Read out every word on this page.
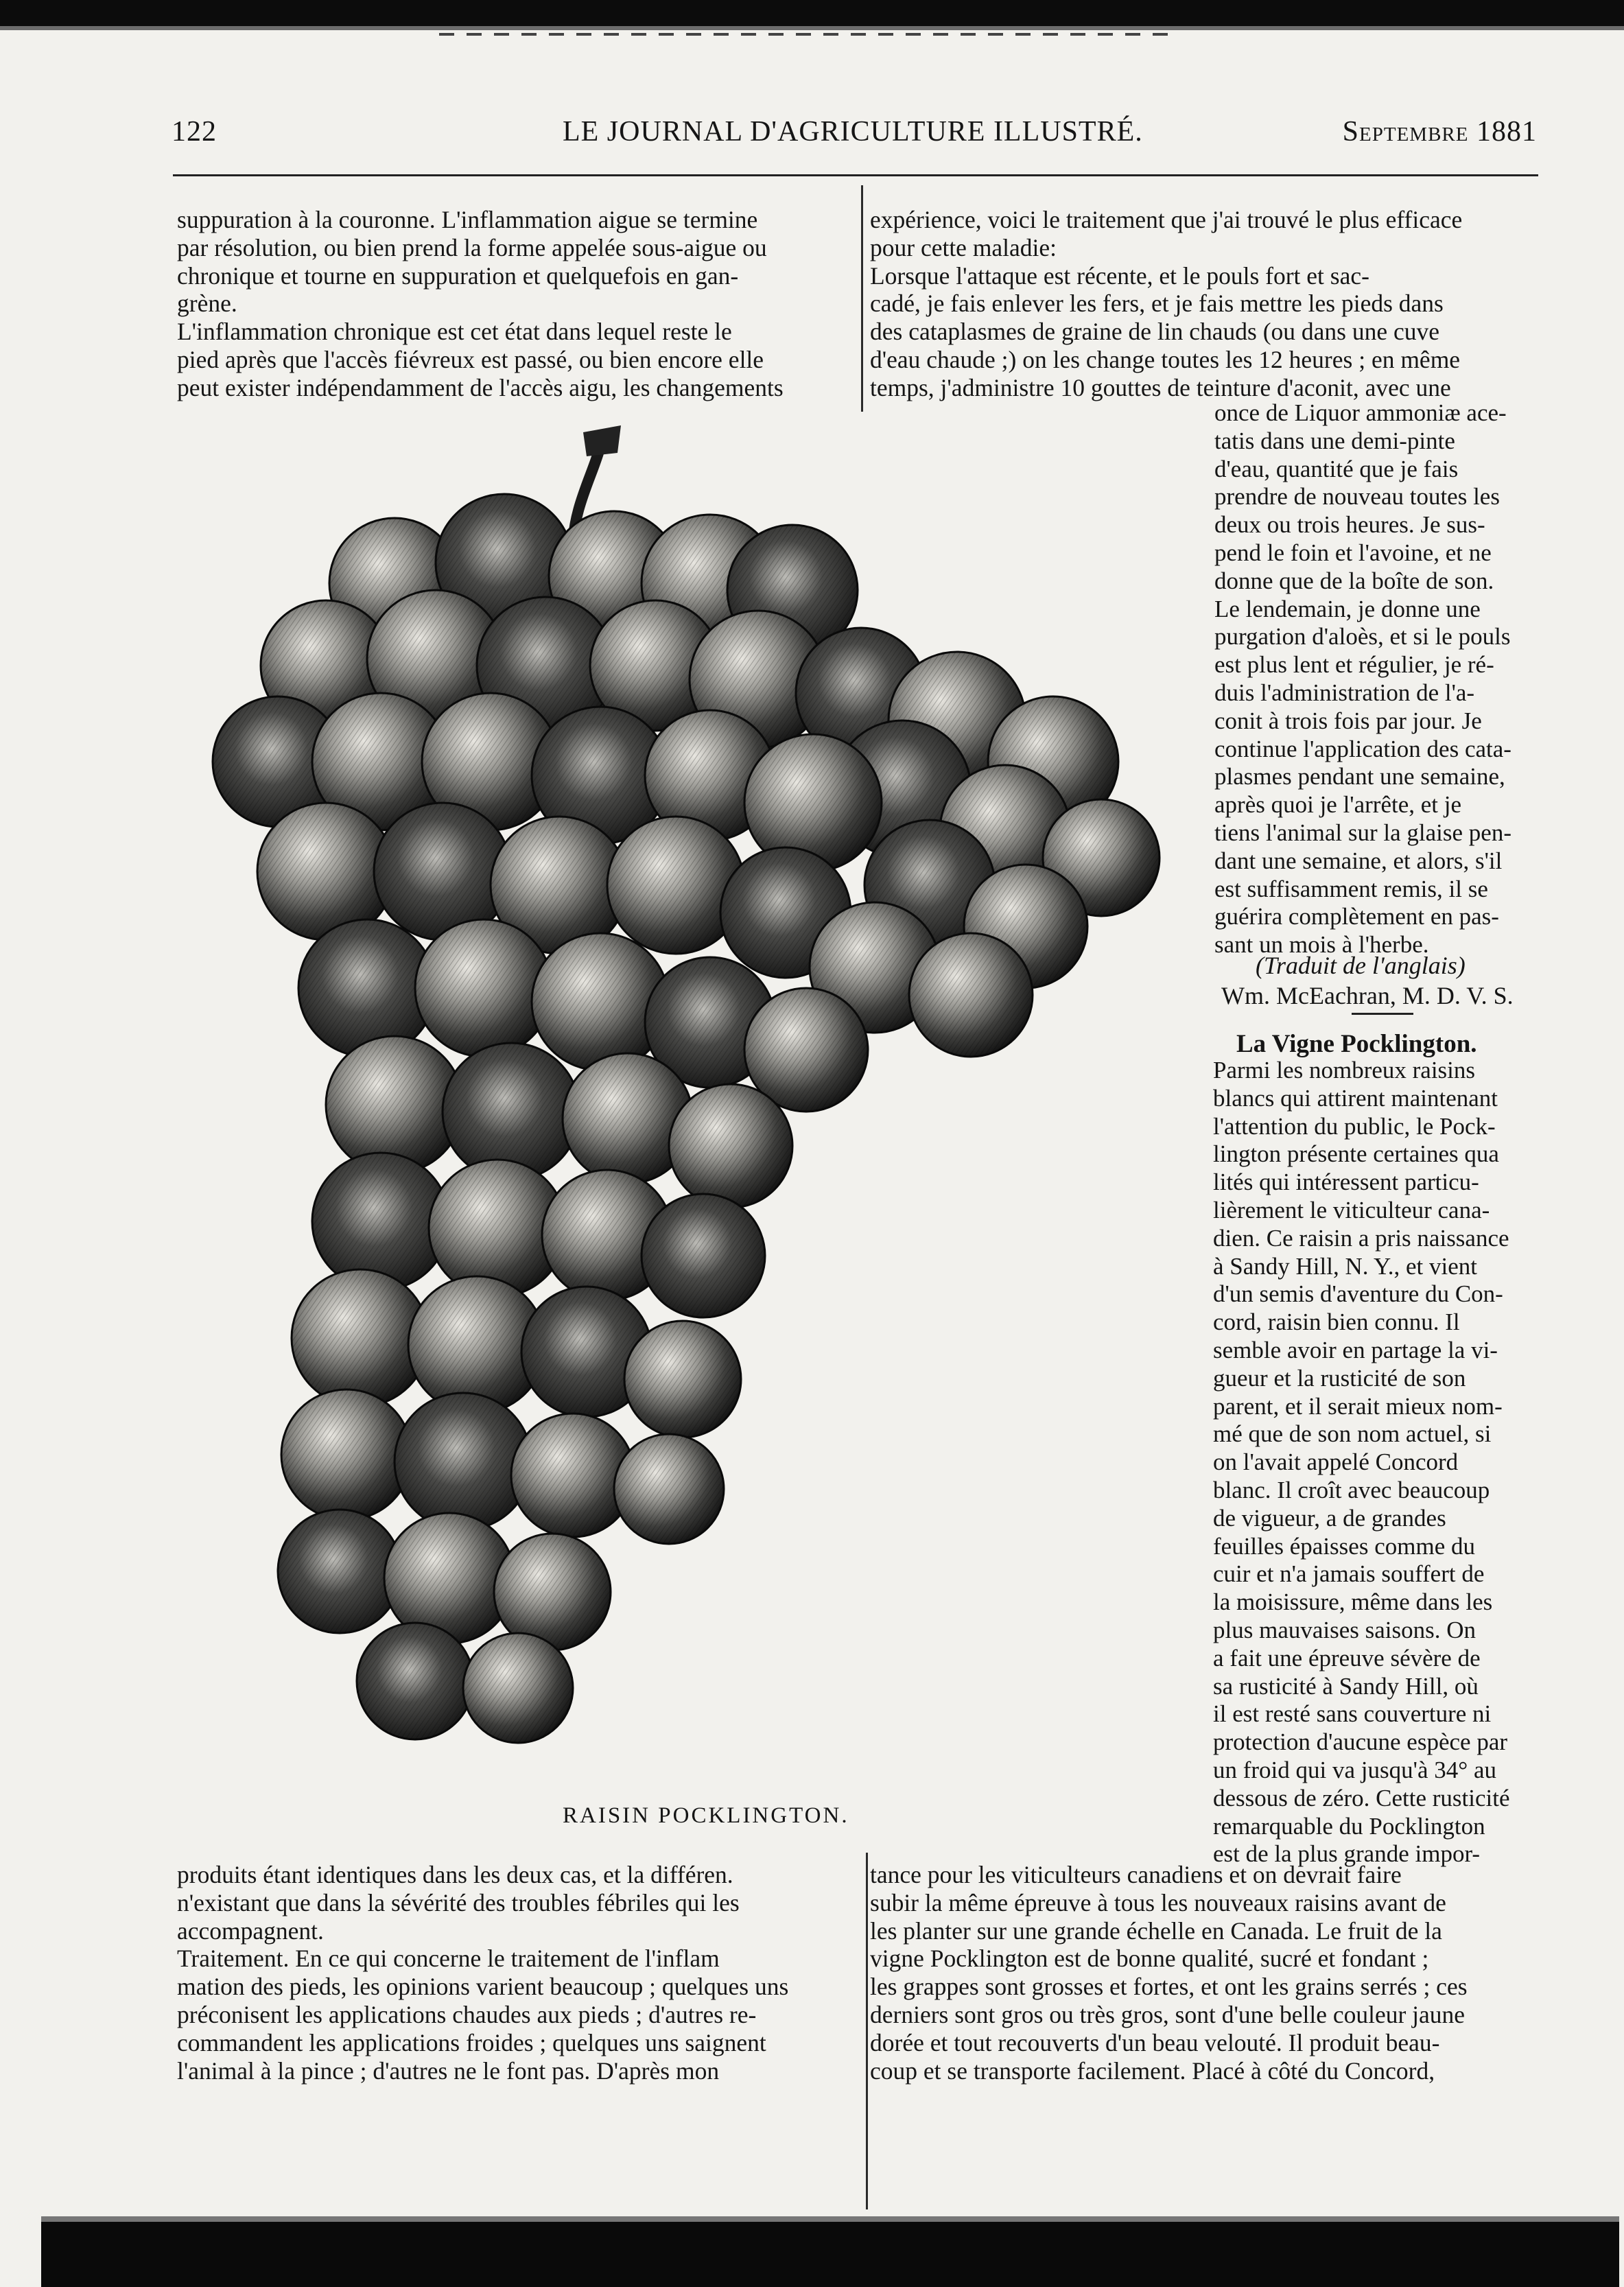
122	LE JOURNAL D'AGRICULTURE ILLUSTRÉ.	Septembre 1881

suppuration à la couronne. L'inflammation aigue se termine
par résolution, ou bien prend la forme appelée sous-aigue ou
chronique et tourne en suppuration et quelquefois en gan-
grène.
L'inflammation chronique est cet état dans lequel reste le
pied après que l'accès fiévreux est passé, ou bien encore elle
peut exister indépendamment de l'accès aigu, les changements

expérience, voici le traitement que j'ai trouvé le plus efficace
pour cette maladie:
Lorsque l'attaque est récente, et le pouls fort et sac-
cadé, je fais enlever les fers, et je fais mettre les pieds dans
des cataplasmes de graine de lin chauds (ou dans une cuve
d'eau chaude ;) on les change toutes les 12 heures ; en même
temps, j'administre 10 gouttes de teinture d'aconit, avec une

once de Liquor ammoniæ ace-
tatis dans une demi-pinte
d'eau, quantité que je fais
prendre de nouveau toutes les
deux ou trois heures. Je sus-
pend le foin et l'avoine, et ne
donne que de la boîte de son.
Le lendemain, je donne une
purgation d'aloès, et si le pouls
est plus lent et régulier, je ré-
duis l'administration de l'a-
conit à trois fois par jour. Je
continue l'application des cata-
plasmes pendant une semaine,
après quoi je l'arrête, et je
tiens l'animal sur la glaise pen-
dant une semaine, et alors, s'il
est suffisamment remis, il se
guérira complètement en pas-
sant un mois à l'herbe.

(Traduit de l'anglais)
Wm. McEachran, M. D. V. S.
La Vigne Pocklington.

Parmi les nombreux raisins
blancs qui attirent maintenant
l'attention du public, le Pock-
lington présente certaines qua
lités qui intéressent particu-
lièrement le viticulteur cana-
dien. Ce raisin a pris naissance
à Sandy Hill, N. Y., et vient
d'un semis d'aventure du Con-
cord, raisin bien connu. Il
semble avoir en partage la vi-
gueur et la rusticité de son
parent, et il serait mieux nom-
mé que de son nom actuel, si
on l'avait appelé Concord
blanc. Il croît avec beaucoup
de vigueur, a de grandes
feuilles épaisses comme du
cuir et n'a jamais souffert de
la moisissure, même dans les
plus mauvaises saisons. On
a fait une épreuve sévère de
sa rusticité à Sandy Hill, où
il est resté sans couverture ni
protection d'aucune espèce par
un froid qui va jusqu'à 34° au
dessous de zéro. Cette rusticité
remarquable du Pocklington
est de la plus grande impor-

RAISIN POCKLINGTON.

produits étant identiques dans les deux cas, et la différen.
n'existant que dans la sévérité des troubles fébriles qui les
accompagnent.
Traitement. En ce qui concerne le traitement de l'inflam
mation des pieds, les opinions varient beaucoup ; quelques uns
préconisent les applications chaudes aux pieds ; d'autres re-
commandent les applications froides ; quelques uns saignent
l'animal à la pince ; d'autres ne le font pas. D'après mon

tance pour les viticulteurs canadiens et on devrait faire
subir la même épreuve à tous les nouveaux raisins avant de
les planter sur une grande échelle en Canada. Le fruit de la
vigne Pocklington est de bonne qualité, sucré et fondant ;
les grappes sont grosses et fortes, et ont les grains serrés ; ces
derniers sont gros ou très gros, sont d'une belle couleur jaune
dorée et tout recouverts d'un beau velouté. Il produit beau-
coup et se transporte facilement. Placé à côté du Concord,
